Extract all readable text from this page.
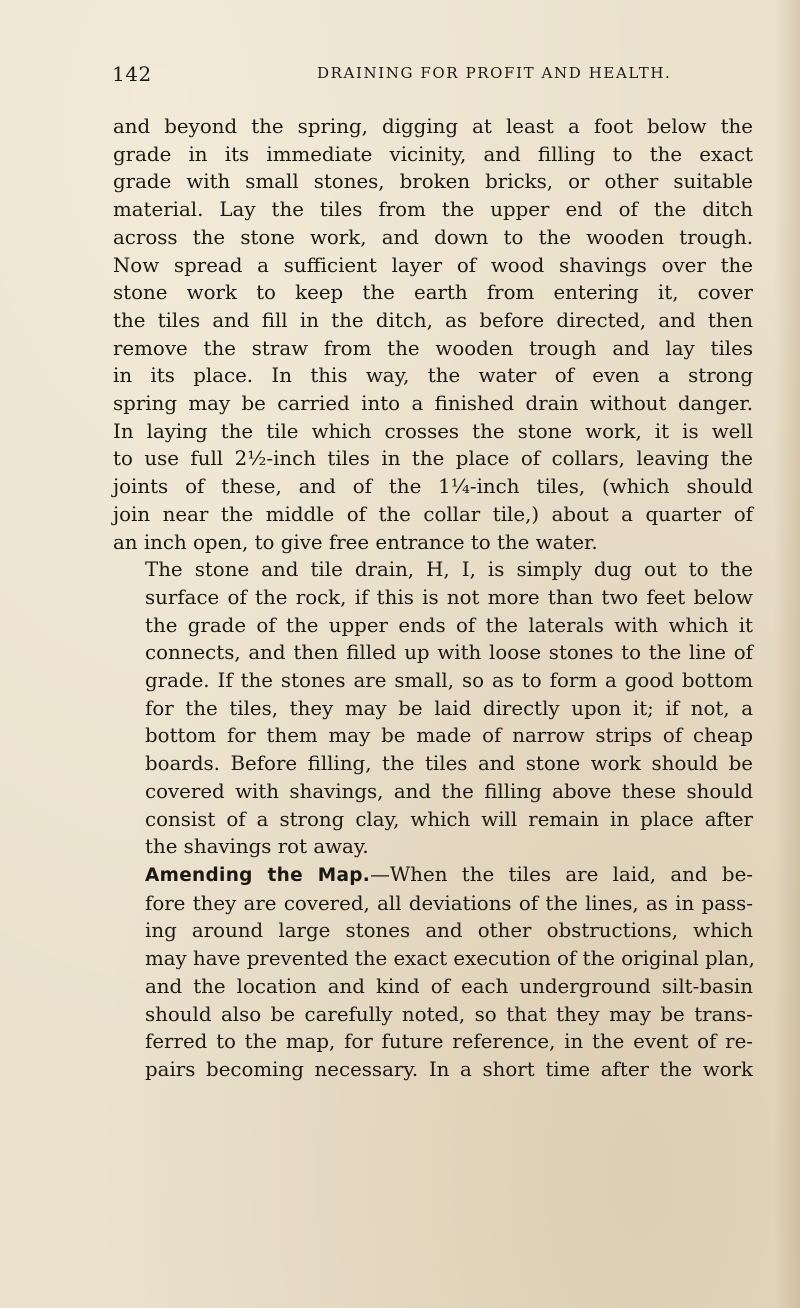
142	DRAINING FOR PROFIT AND HEALTH.

and beyond the spring, digging at least a foot below the
grade in its immediate vicinity, and filling to the exact
grade with small stones, broken bricks, or other suitable
material. Lay the tiles from the upper end of the ditch
across the stone work, and down to the wooden trough.
Now spread a sufficient layer of wood shavings over the
stone work to keep the earth from entering it, cover
the tiles and fill in the ditch, as before directed, and then
remove the straw from the wooden trough and lay tiles
in its place. In this way, the water of even a strong
spring may be carried into a finished drain without danger.
In laying the tile which crosses the stone work, it is well
to use full 2½-inch tiles in the place of collars, leaving the
joints of these, and of the 1¼-inch tiles, (which should
join near the middle of the collar tile,) about a quarter of
an inch open, to give free entrance to the water.

The stone and tile drain, H, I, is simply dug out to the
surface of the rock, if this is not more than two feet below
the grade of the upper ends of the laterals with which it
connects, and then filled up with loose stones to the line of
grade. If the stones are small, so as to form a good bottom
for the tiles, they may be laid directly upon it; if not, a
bottom for them may be made of narrow strips of cheap
boards. Before filling, the tiles and stone work should be
covered with shavings, and the filling above these should
consist of a strong clay, which will remain in place after
the shavings rot away.

Amending the Map.—When the tiles are laid, and be-
fore they are covered, all deviations of the lines, as in pass-
ing around large stones and other obstructions, which
may have prevented the exact execution of the original plan,
and the location and kind of each underground silt-basin
should also be carefully noted, so that they may be trans-
ferred to the map, for future reference, in the event of re-
pairs becoming necessary. In a short time after the work
